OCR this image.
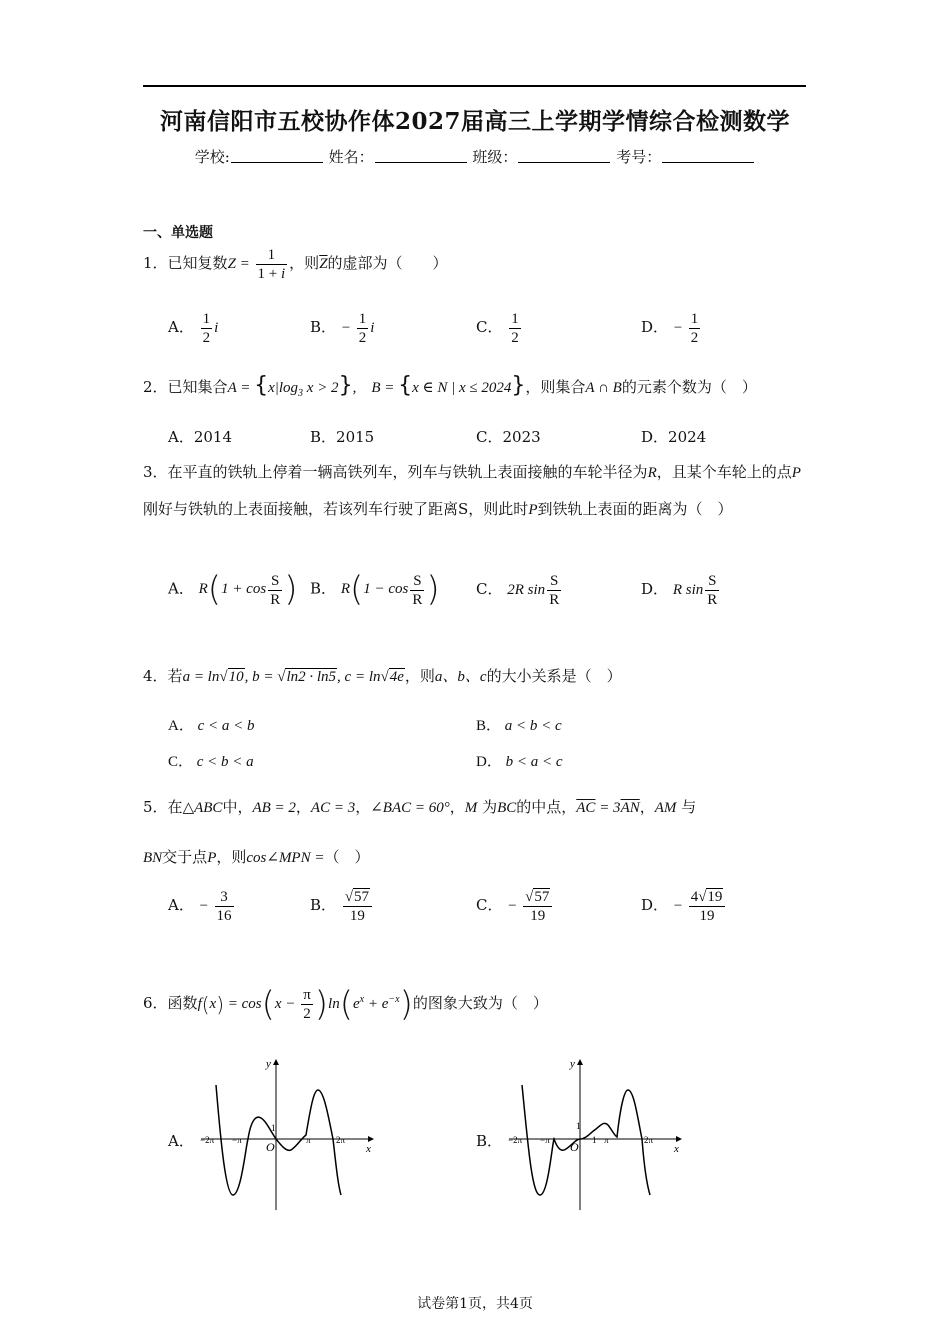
河南信阳市五校协作体2027届高三上学期学情综合检测数学
学校:	姓名：	班级：	考号：
一、单选题
1．已知复数$Z = \frac{1}{1 + i}$ ，则$\overline{Z}$的虚部为（　　）
A． $\frac{1}{2}$ i	B． − $\frac{1}{2}$ i	C． $\frac{1}{2}$	D． − $\frac{1}{2}$
2．已知集合$A = \{x|\log_3$ x > 2},　 B = {x ∈ N | x ≤ 2024}，则集合A ∩ B的元素个数为（　）
A．2014	B．2015	C．2023	D．2024
3．在平直的铁轨上停着一辆高铁列车，列车与铁轨上表面接触的车轮半径为R，且某个车轮上的点P刚好与铁轨的上表面接触，若该列车行驶了距离S，则此时P到铁轨上表面的距离为（　）
A． $R(1 + \cos \frac{S}{R}$ ) B． $R(1 - \cos \frac{S}{R}$ ) C． 2R $\sin \frac{S}{R}$	D． R $\sin \frac{S}{R}$
4．若a = ln√10, b = √ln2 · ln5, c = ln√4e，则a、b、c的大小关系是（　）
A． c < a < b	B． a < b < c
C． c < b < a	D． b < a < c
5．在△ABC中，AB = 2，AC = 3，∠BAC = 60°，M 为BC的中点，$\overline{AC} = 3\overline{AN}$，AM 与
BN交于点P，则cos∠MPN =（　）
A． − $\frac{3}{16}$	B． $\frac{√57}{19}$	C． − $\frac{√57}{19}$	D． − $\frac{4√19}{19}$
6．函数$f(x) = \cos(x - \frac{\pi}{2} )\ln(e^x + e^{-x})$的图象大致为（　）
A．
y
x
O
1
−2π −π	π	2π	B．
y
x
O
1
−2π −π	1 π	2π
试卷第1页，共4页
